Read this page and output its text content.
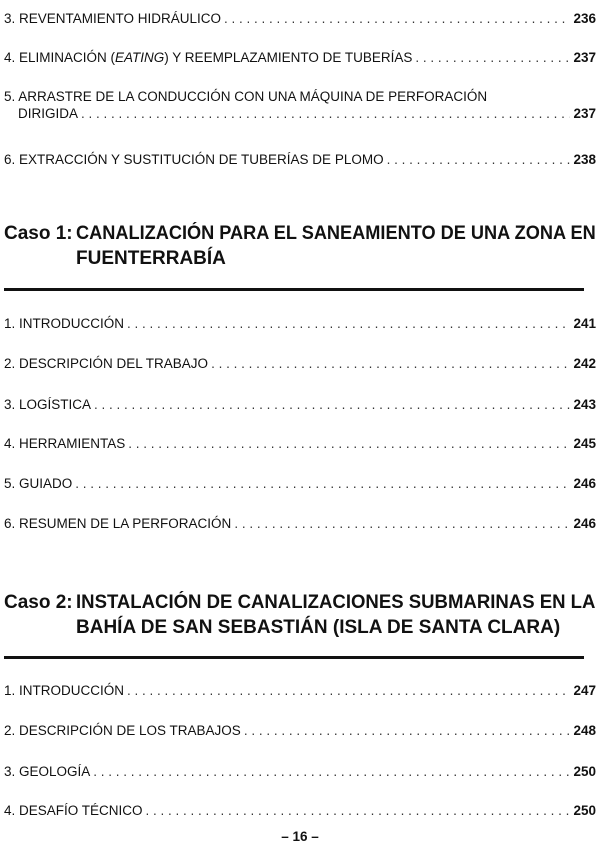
3. REVENTAMIENTO HIDRÁULICO . . .	236
4. ELIMINACIÓN (EATING) Y REEMPLAZAMIENTO DE TUBERÍAS . . .	237
5. ARRASTRE DE LA CONDUCCIÓN CON UNA MÁQUINA DE PERFORACIÓN
DIRIGIDA . . .	237
6. EXTRACCIÓN Y SUSTITUCIÓN DE TUBERÍAS DE PLOMO . . .	238
Caso 1: CANALIZACIÓN PARA EL SANEAMIENTO DE UNA ZONA EN
FUENTERRABÍA
1. INTRODUCCIÓN . . .	241
2. DESCRIPCIÓN DEL TRABAJO . . .	242
3. LOGÍSTICA . . .	243
4. HERRAMIENTAS . . .	245
5. GUIADO . . .	246
6. RESUMEN DE LA PERFORACIÓN . . .	246
Caso 2: INSTALACIÓN DE CANALIZACIONES SUBMARINAS EN LA
BAHÍA DE SAN SEBASTIÁN (ISLA DE SANTA CLARA)
1. INTRODUCCIÓN . . .	247
2. DESCRIPCIÓN DE LOS TRABAJOS . . .	248
3. GEOLOGÍA . . .	250
4. DESAFÍO TÉCNICO . . .	250
– 16 –
